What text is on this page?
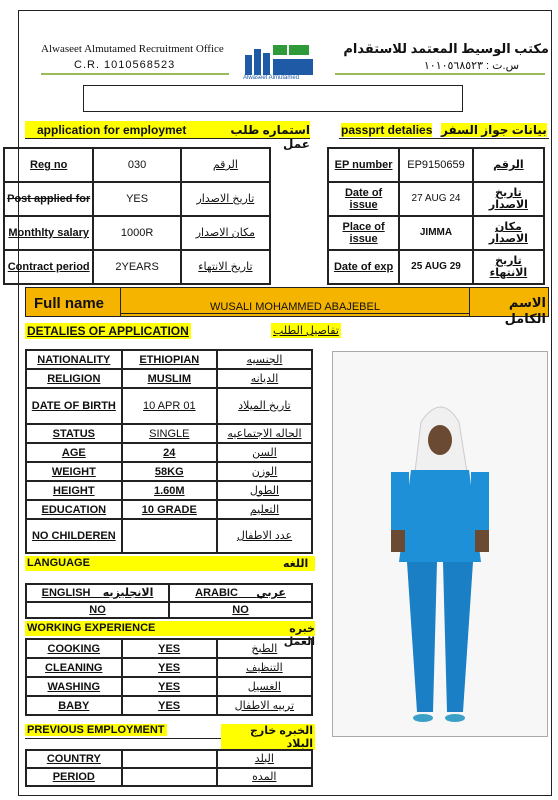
Alwaseet Almutamed Recruitment Office
C.R. 1010568523
Alwaseet Almutamed
مكتب الوسيط المعتمد للاستقدام
س.ت : ١٠١٠٥٦٨٥٢٣
application for employmet	استماره طلب عمل
passprt detalies بيانات جواز السفر
Reg no	030	الرقم
Post applied for	YES	تاريخ الاصدار
Monthlty salary	1000R	مكان الاصدار
Contract period	2YEARS	تاريخ الانتهاء
EP number	EP9150659	الرقم
Date of issue	27 AUG 24	تاريخ الاصدار
Place of issue	JIMMA	مكان الاصدار
Date of exp	25 AUG 29	تاريخ الانتهاء
Full name	WUSALI MOHAMMED ABAJEBEL	الاسم الكامل
DETALIES OF APPLICATION	تفاصيل الطلب
NATIONALITY	ETHIOPIAN	الجنسيه
RELIGION	MUSLIM	الديانه
DATE OF BIRTH	10 APR 01	تاريخ الميلاد
STATUS	SINGLE	الحاله الاجتماعيه
AGE	24	السن
WEIGHT	58KG	الوزن
HEIGHT	1.60M	الطول
EDUCATION	10 GRADE	التعليم
NO CHILDEREN		عدد الاطفال
LANGUAGE	اللغه
ENGLISH الانجليزيه	ARABIC عربي
NO	NO
WORKING EXPERIENCE	خبره العمل
COOKING	YES	الطبخ
CLEANING	YES	التنظيف
WASHING	YES	الغسيل
BABY	YES	تربيه الاطفال
PREVIOUS EMPLOYMENT	الخبره خارج البلاد
COUNTRY		البلد
PERIOD		المده
